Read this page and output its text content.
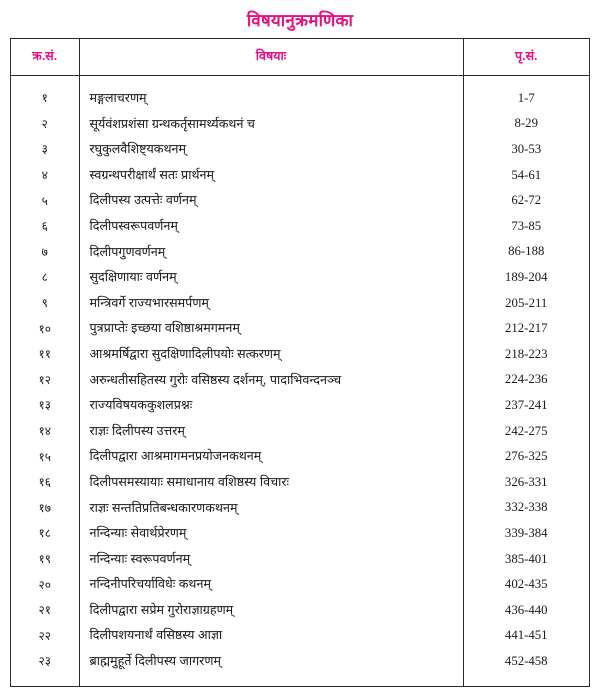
विषयानुक्रमणिका
क्र.सं.	विषयाः	पृ.सं.

१	मङ्गलाचरणम्	1-7
२	सूर्यवंशप्रशंसा ग्रन्थकर्तृसामर्थ्यकथनं च	8-29
३	रघुकुलवैशिष्ट्यकथनम्	30-53
४	स्वग्रन्थपरीक्षार्थं सतः प्रार्थनम्	54-61
५	दिलीपस्य उत्पत्तेः वर्णनम्	62-72
६	दिलीपस्वरूपवर्णनम्	73-85
७	दिलीपगुणवर्णनम्	86-188
८	सुदक्षिणायाः वर्णनम्	189-204
९	मन्त्रिवर्गे राज्यभारसमर्पणम्	205-211
१०	पुत्रप्राप्तेः इच्छया वशिष्ठाश्रमगमनम्	212-217
११	आश्रमर्षिद्वारा सुदक्षिणादिलीपयोः सत्करणम्	218-223
१२	अरुन्धतीसहितस्य गुरोः वसिष्ठस्य दर्शनम्, पादाभिवन्दनञ्च	224-236
१३	राज्यविषयककुशलप्रश्नः	237-241
१४	राज्ञः दिलीपस्य उत्तरम्	242-275
१५	दिलीपद्वारा आश्रमागमनप्रयोजनकथनम्	276-325
१६	दिलीपसमस्यायाः समाधानाय वशिष्ठस्य विचारः	326-331
१७	राज्ञः सन्ततिप्रतिबन्धकारणकथनम्	332-338
१८	नन्दिन्याः सेवार्थप्रेरणम्	339-384
१९	नन्दिन्याः स्वरूपवर्णनम्	385-401
२०	नन्दिनीपरिचर्याविधेः कथनम्	402-435
२१	दिलीपद्वारा सप्रेम गुरोराज्ञाग्रहणम्	436-440
२२	दिलीपशयनार्थं वसिष्ठस्य आज्ञा	441-451
२३	ब्राह्ममुहूर्ते दिलीपस्य जागरणम्	452-458
